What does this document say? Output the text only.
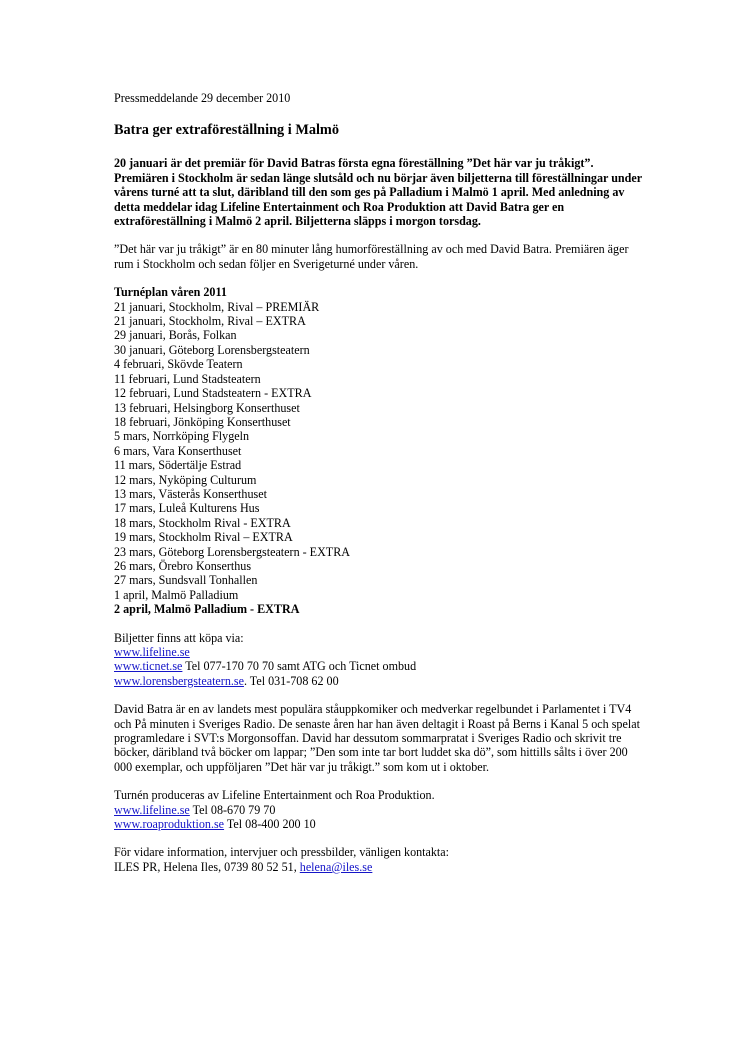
Pressmeddelande 29 december 2010

Batra ger extraföreställning i Malmö

20 januari är det premiär för David Batras första egna föreställning ”Det här var ju tråkigt”. Premiären i Stockholm är sedan länge slutsåld och nu börjar även biljetterna till föreställningar under vårens turné att ta slut, däribland till den som ges på Palladium i Malmö 1 april. Med anledning av detta meddelar idag Lifeline Entertainment och Roa Produktion att David Batra ger en extraföreställning i Malmö 2 april. Biljetterna släpps i morgon torsdag.

”Det här var ju tråkigt” är en 80 minuter lång humorföreställning av och med David Batra. Premiären äger rum i Stockholm och sedan följer en Sverigeturné under våren.

Turnéplan våren 2011

21 januari, Stockholm, Rival – PREMIÄR
21 januari, Stockholm, Rival – EXTRA
29 januari, Borås, Folkan
30 januari, Göteborg Lorensbergsteatern
4 februari, Skövde Teatern
11 februari, Lund Stadsteatern
12 februari, Lund Stadsteatern - EXTRA
13 februari, Helsingborg Konserthuset
18 februari, Jönköping Konserthuset
5 mars, Norrköping Flygeln
6 mars, Vara Konserthuset
11 mars, Södertälje Estrad
12 mars, Nyköping Culturum
13 mars, Västerås Konserthuset
17 mars, Luleå Kulturens Hus
18 mars, Stockholm Rival - EXTRA
19 mars, Stockholm Rival – EXTRA
23 mars, Göteborg Lorensbergsteatern - EXTRA
26 mars, Örebro Konserthus
27 mars, Sundsvall Tonhallen
1 april, Malmö Palladium
2 april, Malmö Palladium - EXTRA

Biljetter finns att köpa via:

www.lifeline.se

www.ticnet.se Tel 077-170 70 70 samt ATG och Ticnet ombud

www.lorensbergsteatern.se. Tel 031-708 62 00

David Batra är en av landets mest populära ståuppkomiker och medverkar regelbundet i Parlamentet i TV4 och På minuten i Sveriges Radio. De senaste åren har han även deltagit i Roast på Berns i Kanal 5 och spelat programledare i SVT:s Morgonsoffan. David har dessutom sommarpratat i Sveriges Radio och skrivit tre böcker, däribland två böcker om lappar; ”Den som inte tar bort luddet ska dö”, som hittills sålts i över 200 000 exemplar, och uppföljaren ”Det här var ju tråkigt.” som kom ut i oktober.

Turnén produceras av Lifeline Entertainment och Roa Produktion.

www.lifeline.se Tel 08-670 79 70

www.roaproduktion.se Tel 08-400 200 10

För vidare information, intervjuer och pressbilder, vänligen kontakta:

ILES PR, Helena Iles, 0739 80 52 51, helena@iles.se
